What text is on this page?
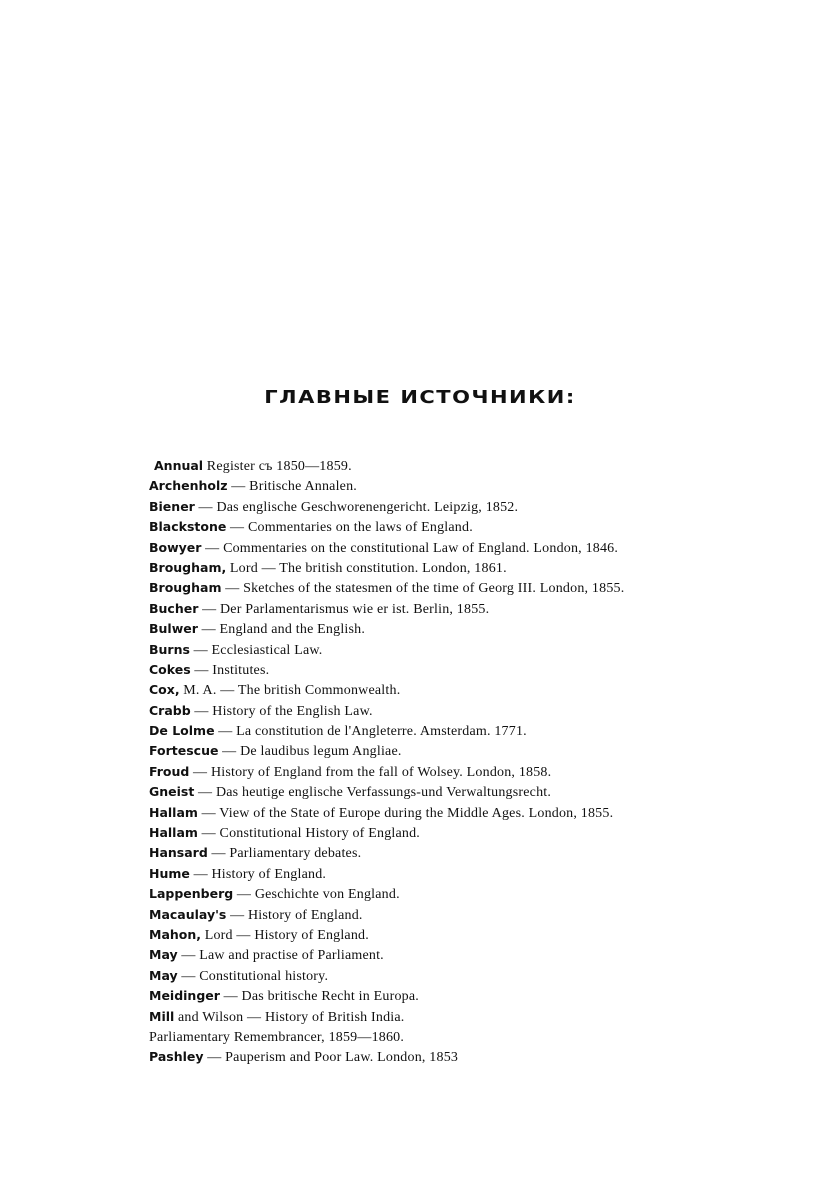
ГЛАВНЫЕ ИСТОЧНИКИ:
Annual Register съ 1850—1859.
Archenholz — Britische Annalen.
Biener — Das englische Geschworenengericht. Leipzig, 1852.
Blackstone — Commentaries on the laws of England.
Bowyer — Commentaries on the constitutional Law of England. London, 1846.
Brougham, Lord — The british constitution. London, 1861.
Brougham — Sketches of the statesmen of the time of Georg III. London, 1855.
Bucher — Der Parlamentarismus wie er ist. Berlin, 1855.
Bulwer — England and the English.
Burns — Ecclesiastical Law.
Cokes — Institutes.
Cox, M. A. — The british Commonwealth.
Crabb — History of the English Law.
De Lolme — La constitution de l'Angleterre. Amsterdam. 1771.
Fortescue — De laudibus legum Angliae.
Froud — History of England from the fall of Wolsey. London, 1858.
Gneist — Das heutige englische Verfassungs-und Verwaltungsrecht.
Hallam — View of the State of Europe during the Middle Ages. London, 1855.
Hallam — Constitutional History of England.
Hansard — Parliamentary debates.
Hume — History of England.
Lappenberg — Geschichte von England.
Macaulay's — History of England.
Mahon, Lord — History of England.
May — Law and practise of Parliament.
May — Constitutional history.
Meidinger — Das britische Recht in Europa.
Mill and Wilson — History of British India.
Parliamentary Remembrancer, 1859—1860.
Pashley — Pauperism and Poor Law. London, 1853
